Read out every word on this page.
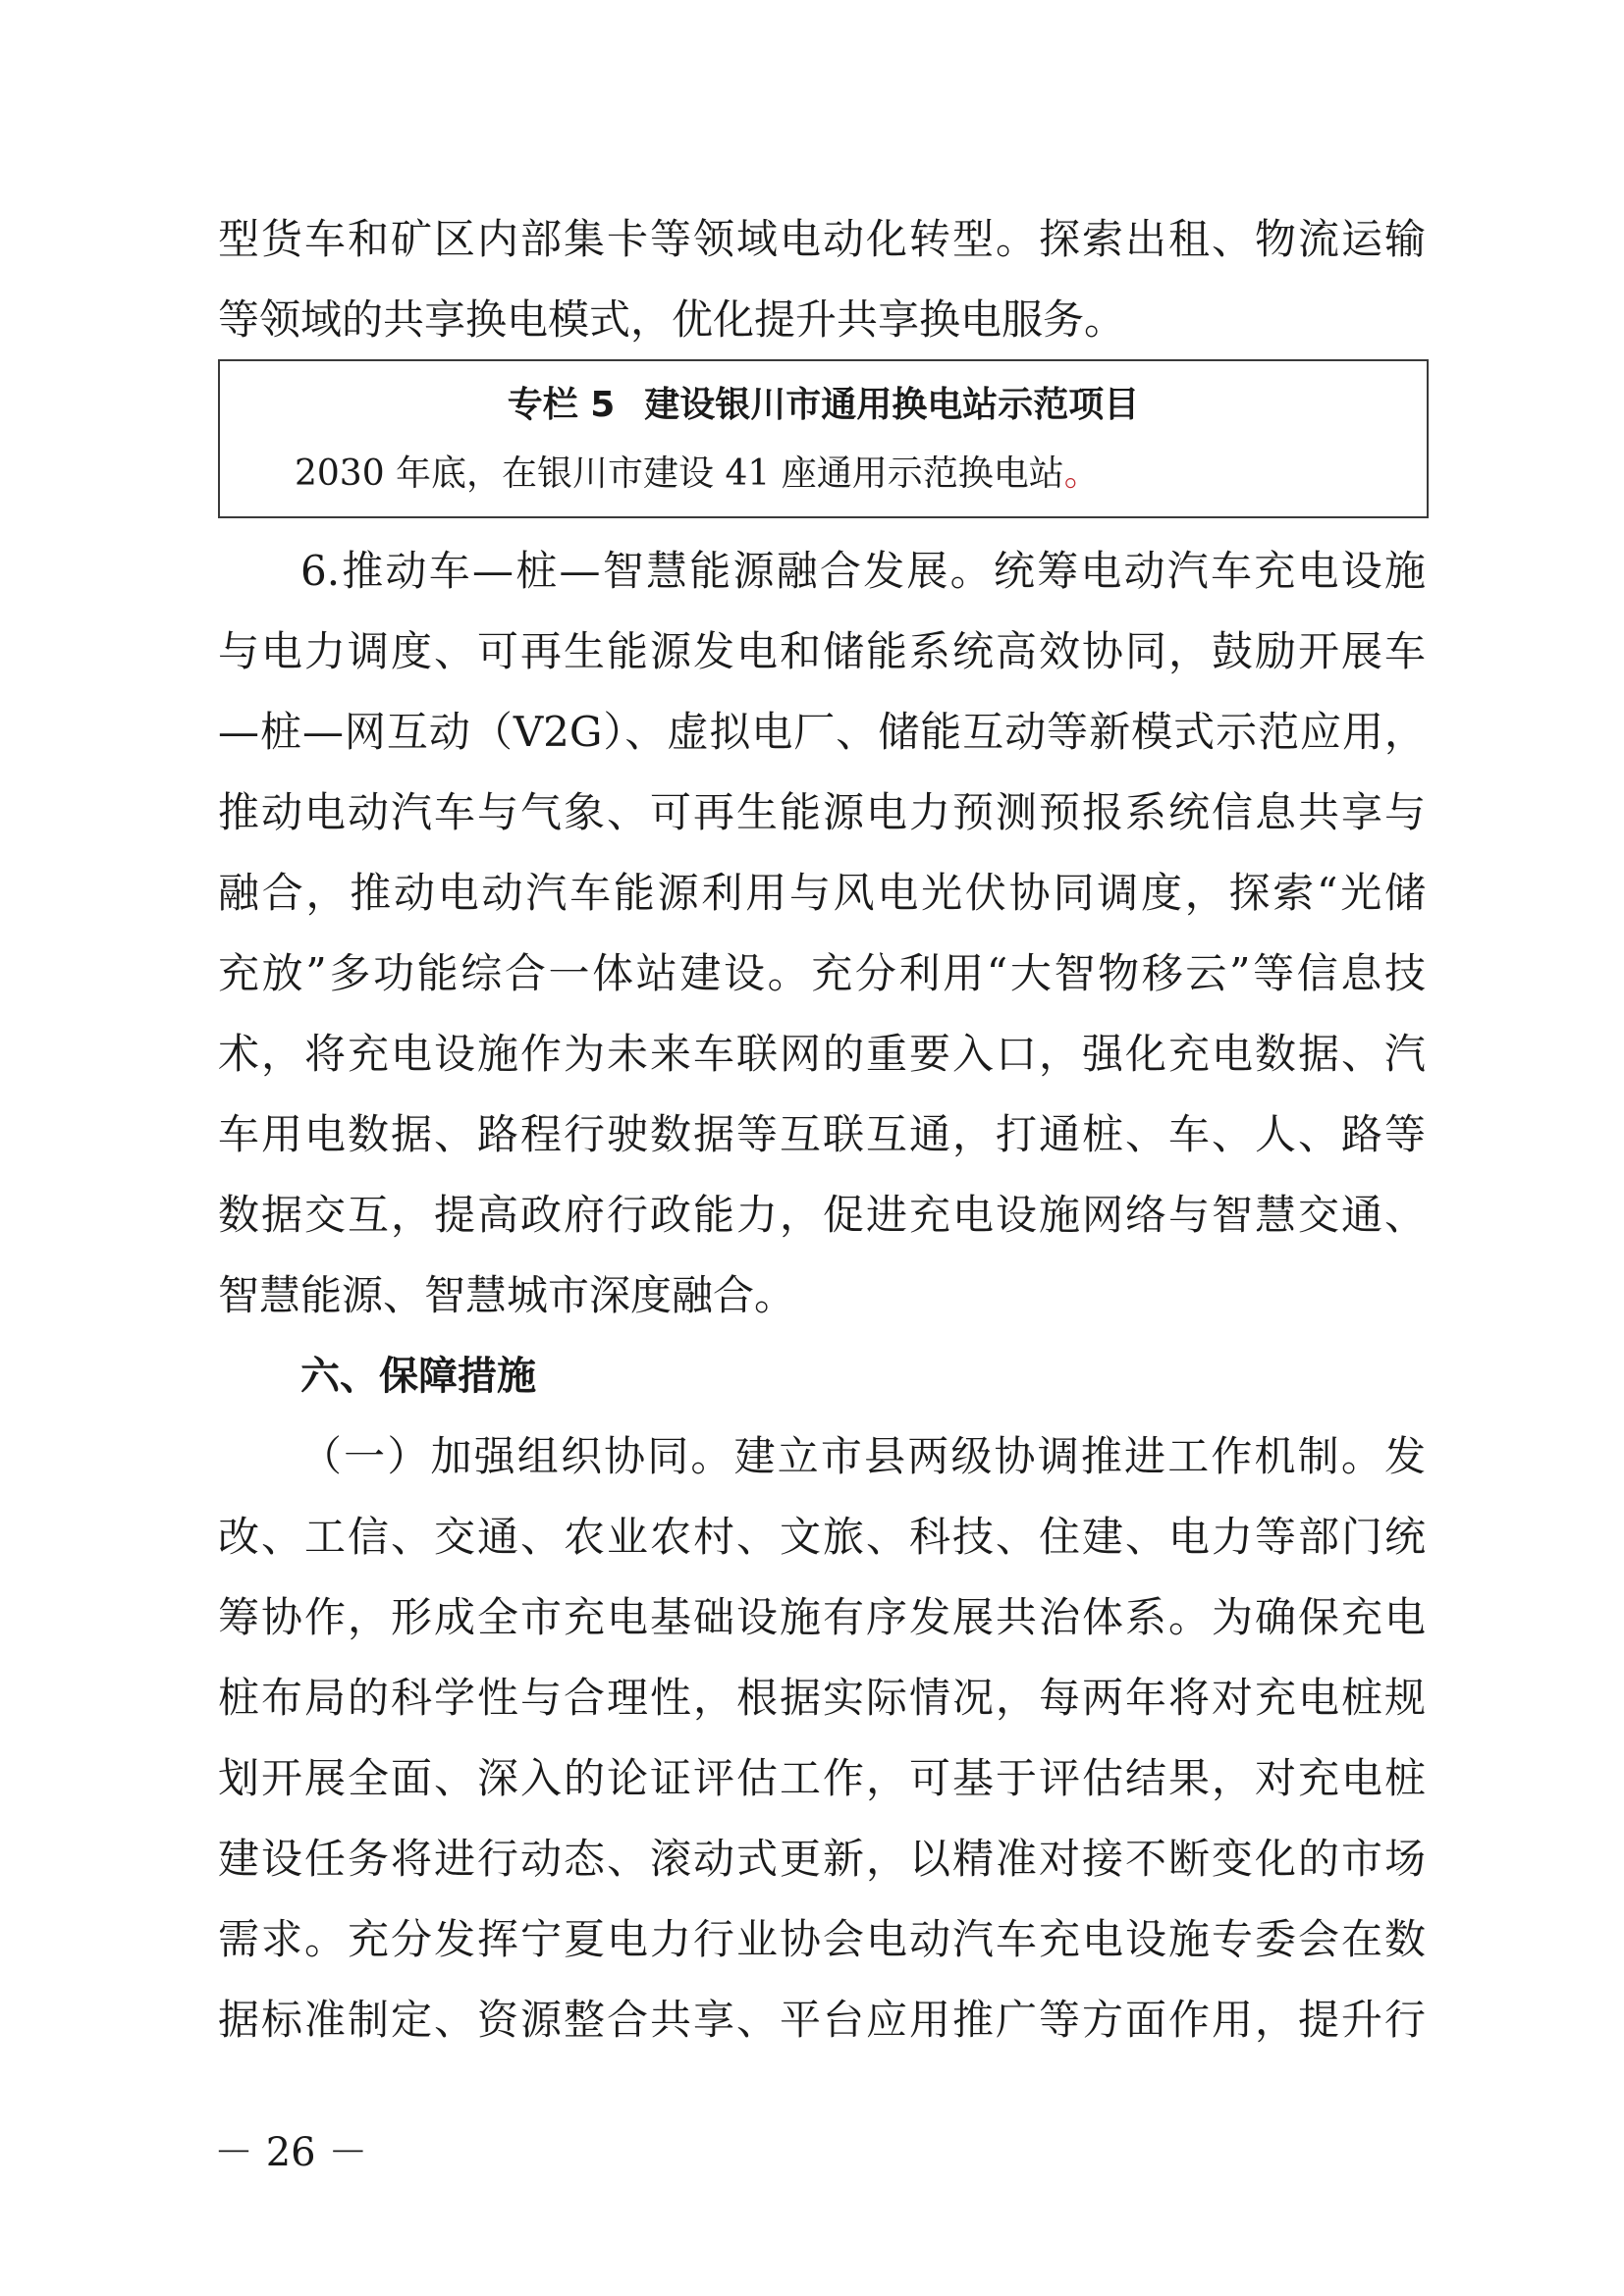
型货车和矿区内部集卡等领域电动化转型。探索出租、物流运输
等领域的共享换电模式，优化提升共享换电服务。
专栏 5 建设银川市通用换电站示范项目
2030 年底，在银川市建设 41 座通用示范换电站。
6.推动车—桩—智慧能源融合发展。统筹电动汽车充电设施
与电力调度、可再生能源发电和储能系统高效协同，鼓励开展车
—桩—网互动（V2G）、虚拟电厂、储能互动等新模式示范应用，
推动电动汽车与气象、可再生能源电力预测预报系统信息共享与
融合，推动电动汽车能源利用与风电光伏协同调度，探索“光储
充放”多功能综合一体站建设。充分利用“大智物移云”等信息技
术，将充电设施作为未来车联网的重要入口，强化充电数据、汽
车用电数据、路程行驶数据等互联互通，打通桩、车、人、路等
数据交互，提高政府行政能力，促进充电设施网络与智慧交通、
智慧能源、智慧城市深度融合。
六、保障措施
（一）加强组织协同。建立市县两级协调推进工作机制。发
改、工信、交通、农业农村、文旅、科技、住建、电力等部门统
筹协作，形成全市充电基础设施有序发展共治体系。为确保充电
桩布局的科学性与合理性，根据实际情况，每两年将对充电桩规
划开展全面、深入的论证评估工作，可基于评估结果，对充电桩
建设任务将进行动态、滚动式更新，以精准对接不断变化的市场
需求。充分发挥宁夏电力行业协会电动汽车充电设施专委会在数
据标准制定、资源整合共享、平台应用推广等方面作用，提升行
－ 26 －
